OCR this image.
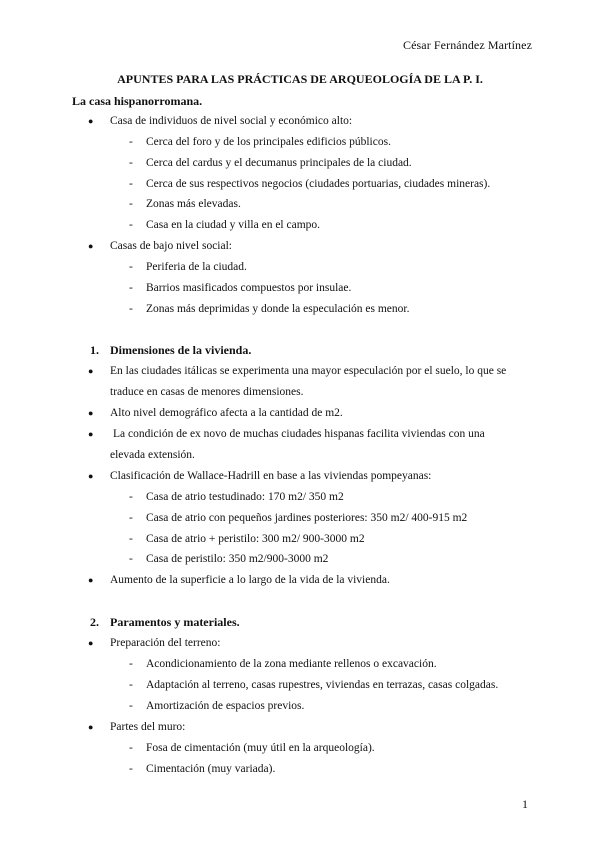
César Fernández Martínez
APUNTES PARA LAS PRÁCTICAS DE ARQUEOLOGÍA DE LA P. I.
La casa hispanorromana.
● Casa de individuos de nivel social y económico alto:
- Cerca del foro y de los principales edificios públicos.
- Cerca del cardus y el decumanus principales de la ciudad.
- Cerca de sus respectivos negocios (ciudades portuarias, ciudades mineras).
- Zonas más elevadas.
- Casa en la ciudad y villa en el campo.
● Casas de bajo nivel social:
- Periferia de la ciudad.
- Barrios masificados compuestos por insulae.
- Zonas más deprimidas y donde la especulación es menor.
1. Dimensiones de la vivienda.
● En las ciudades itálicas se experimenta una mayor especulación por el suelo, lo que se
traduce en casas de menores dimensiones.
● Alto nivel demográfico afecta a la cantidad de m2.
● La condición de ex novo de muchas ciudades hispanas facilita viviendas con una
elevada extensión.
● Clasificación de Wallace-Hadrill en base a las viviendas pompeyanas:
- Casa de atrio testudinado: 170 m2/ 350 m2
- Casa de atrio con pequeños jardines posteriores: 350 m2/ 400-915 m2
- Casa de atrio + peristilo: 300 m2/ 900-3000 m2
- Casa de peristilo: 350 m2/900-3000 m2
● Aumento de la superficie a lo largo de la vida de la vivienda.
2. Paramentos y materiales.
● Preparación del terreno:
- Acondicionamiento de la zona mediante rellenos o excavación.
- Adaptación al terreno, casas rupestres, viviendas en terrazas, casas colgadas.
- Amortización de espacios previos.
● Partes del muro:
- Fosa de cimentación (muy útil en la arqueología).
- Cimentación (muy variada).
1
